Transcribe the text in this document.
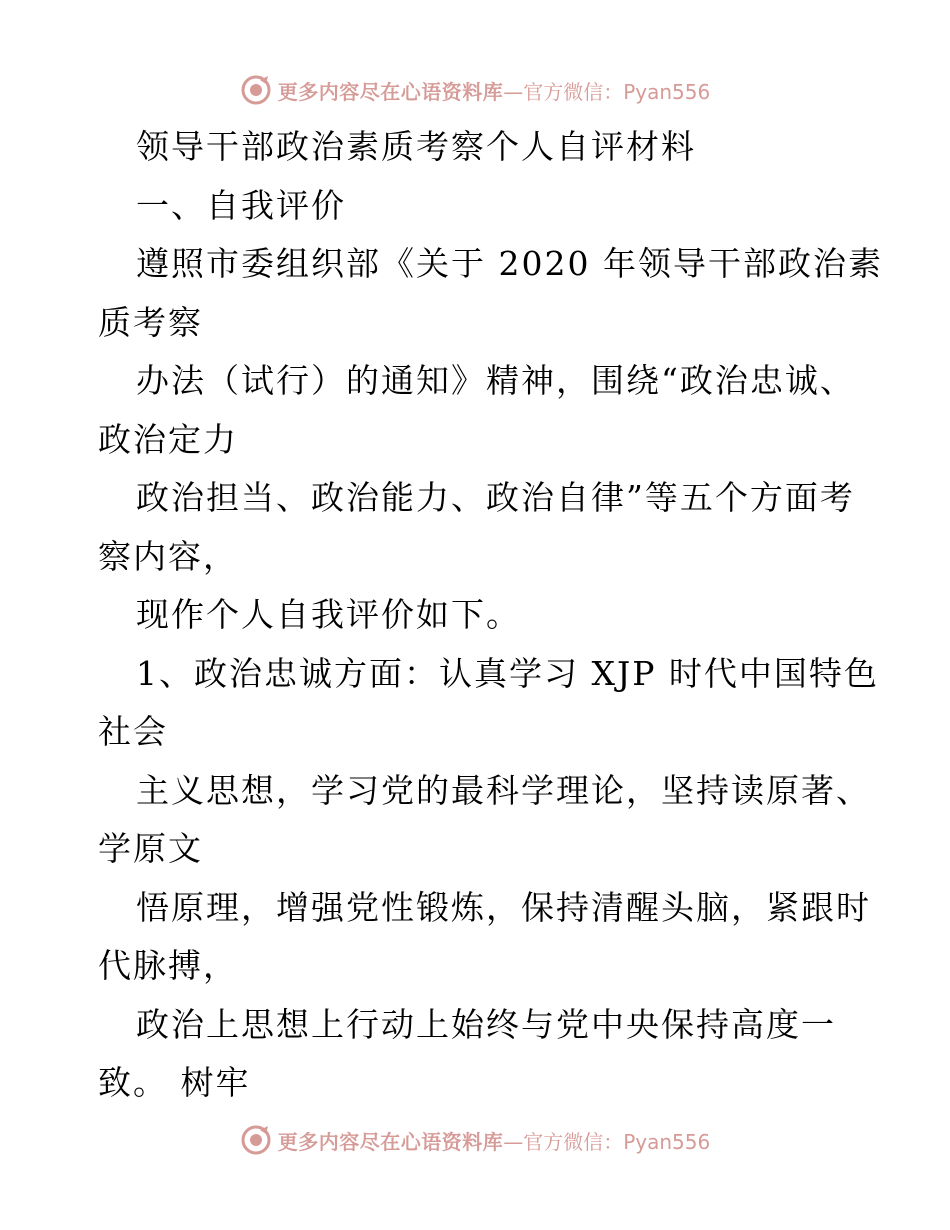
更多内容尽在心语资料库 —官方微信：Pyan556
领导干部政治素质考察个人自评材料
一、自我评价
遵照市委组织部《关于 2020 年领导干部政治素
质考察
办法（试行）的通知》精神，围绕“政治忠诚、
政治定力
政治担当、政治能力、政治自律”等五个方面考
察内容，
现作个人自我评价如下。
1、政治忠诚方面：认真学习 XJP 时代中国特色
社会
主义思想，学习党的最科学理论，坚持读原著、
学原文
悟原理，增强党性锻炼，保持清醒头脑，紧跟时
代脉搏，
政治上思想上行动上始终与党中央保持高度一
致。 树牢
更多内容尽在心语资料库 —官方微信：Pyan556
